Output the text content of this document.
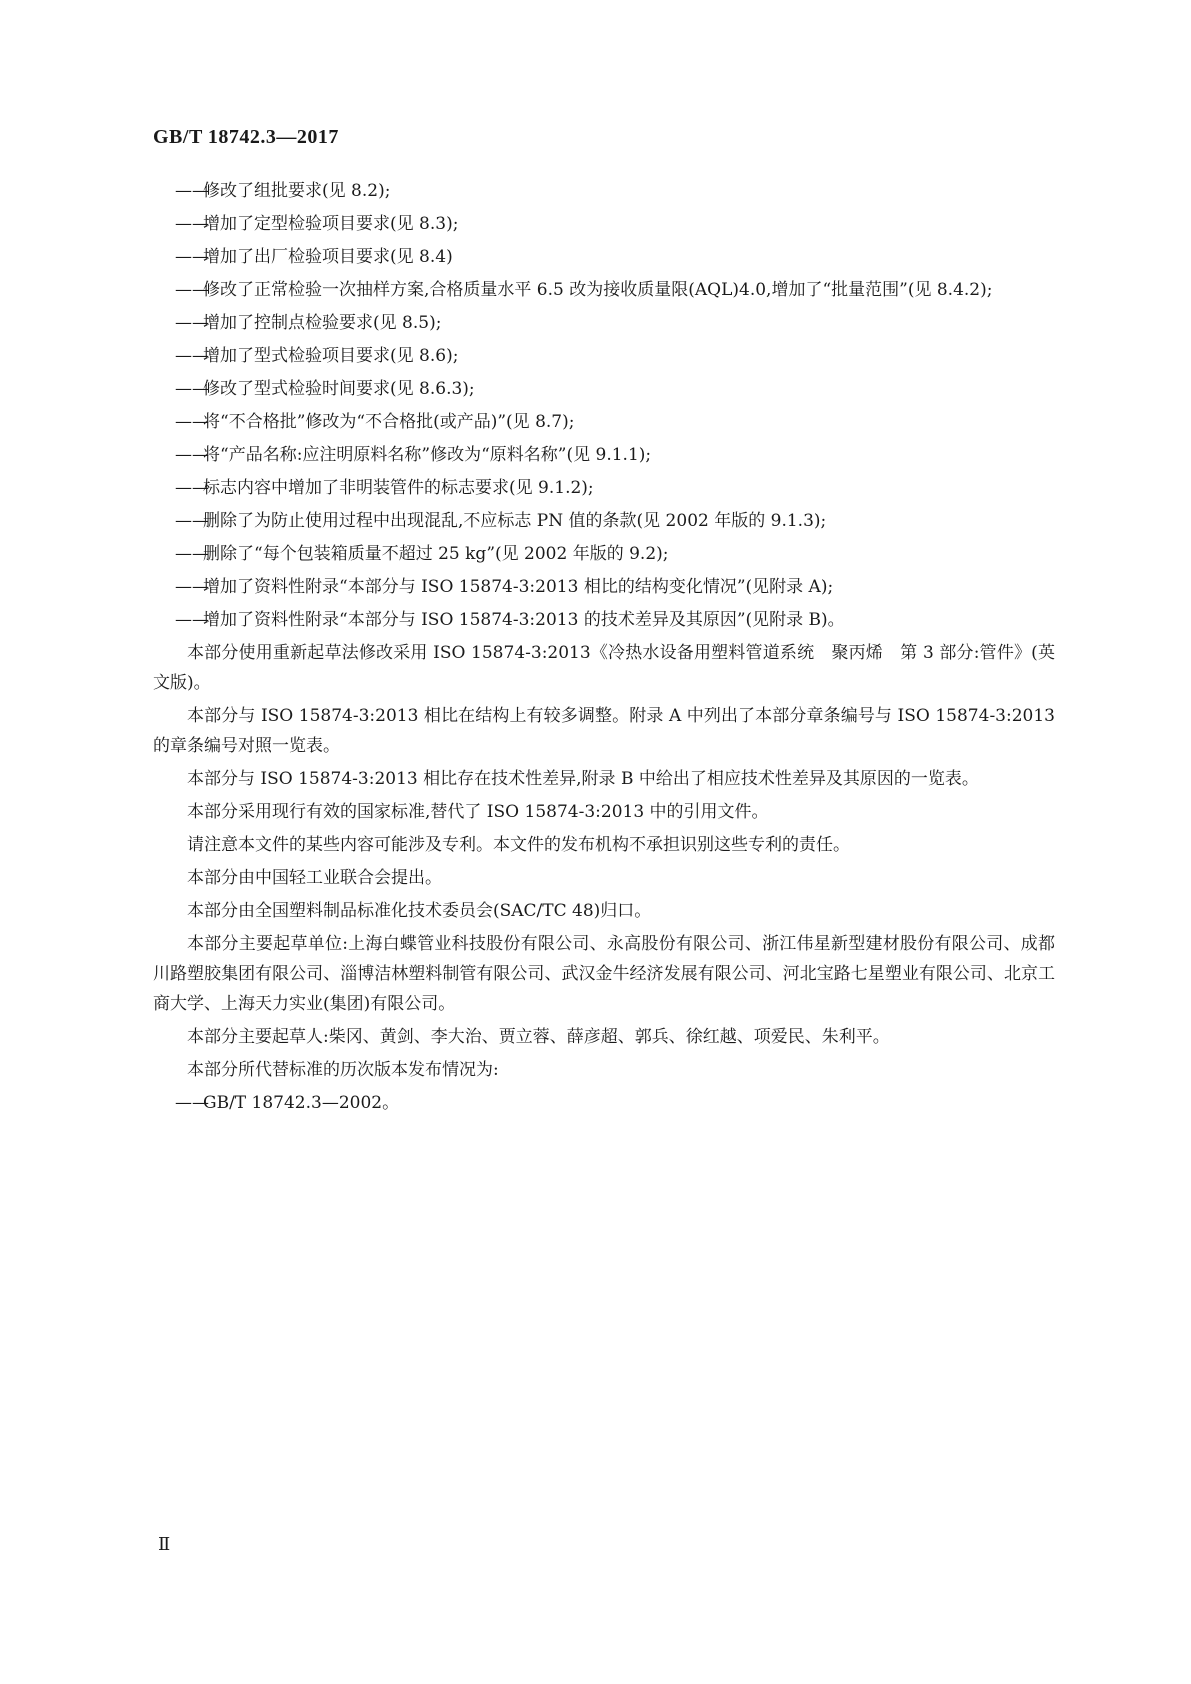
GB/T 18742.3—2017
——
修改了组批要求(见 8.2);
——
增加了定型检验项目要求(见 8.3);
——
增加了出厂检验项目要求(见 8.4)
——
修改了正常检验一次抽样方案,合格质量水平 6.5 改为接收质量限(AQL)4.0,增加了“批量范围”(见 8.4.2);
——
增加了控制点检验要求(见 8.5);
——
增加了型式检验项目要求(见 8.6);
——
修改了型式检验时间要求(见 8.6.3);
——
将“不合格批”修改为“不合格批(或产品)”(见 8.7);
——
将“产品名称:应注明原料名称”修改为“原料名称”(见 9.1.1);
——
标志内容中增加了非明装管件的标志要求(见 9.1.2);
——
删除了为防止使用过程中出现混乱,不应标志 PN 值的条款(见 2002 年版的 9.1.3);
——
删除了“每个包装箱质量不超过 25 kg”(见 2002 年版的 9.2);
——
增加了资料性附录“本部分与 ISO 15874-3:2013 相比的结构变化情况”(见附录 A);
——
增加了资料性附录“本部分与 ISO 15874-3:2013 的技术差异及其原因”(见附录 B)。

本部分使用重新起草法修改采用 ISO 15874-3:2013《冷热水设备用塑料管道系统　聚丙烯　第 3 部分:管件》(英文版)。

本部分与 ISO 15874-3:2013 相比在结构上有较多调整。附录 A 中列出了本部分章条编号与 ISO 15874-3:2013 的章条编号对照一览表。

本部分与 ISO 15874-3:2013 相比存在技术性差异,附录 B 中给出了相应技术性差异及其原因的一览表。

本部分采用现行有效的国家标准,替代了 ISO 15874-3:2013 中的引用文件。

请注意本文件的某些内容可能涉及专利。本文件的发布机构不承担识别这些专利的责任。

本部分由中国轻工业联合会提出。

本部分由全国塑料制品标准化技术委员会(SAC/TC 48)归口。

本部分主要起草单位:上海白蝶管业科技股份有限公司、永高股份有限公司、浙江伟星新型建材股份有限公司、成都川路塑胶集团有限公司、淄博洁林塑料制管有限公司、武汉金牛经济发展有限公司、河北宝路七星塑业有限公司、北京工商大学、上海天力实业(集团)有限公司。

本部分主要起草人:柴冈、黄剑、李大治、贾立蓉、薛彦超、郭兵、徐红越、项爱民、朱利平。

本部分所代替标准的历次版本发布情况为:

——
GB/T 18742.3—2002。
Ⅱ
